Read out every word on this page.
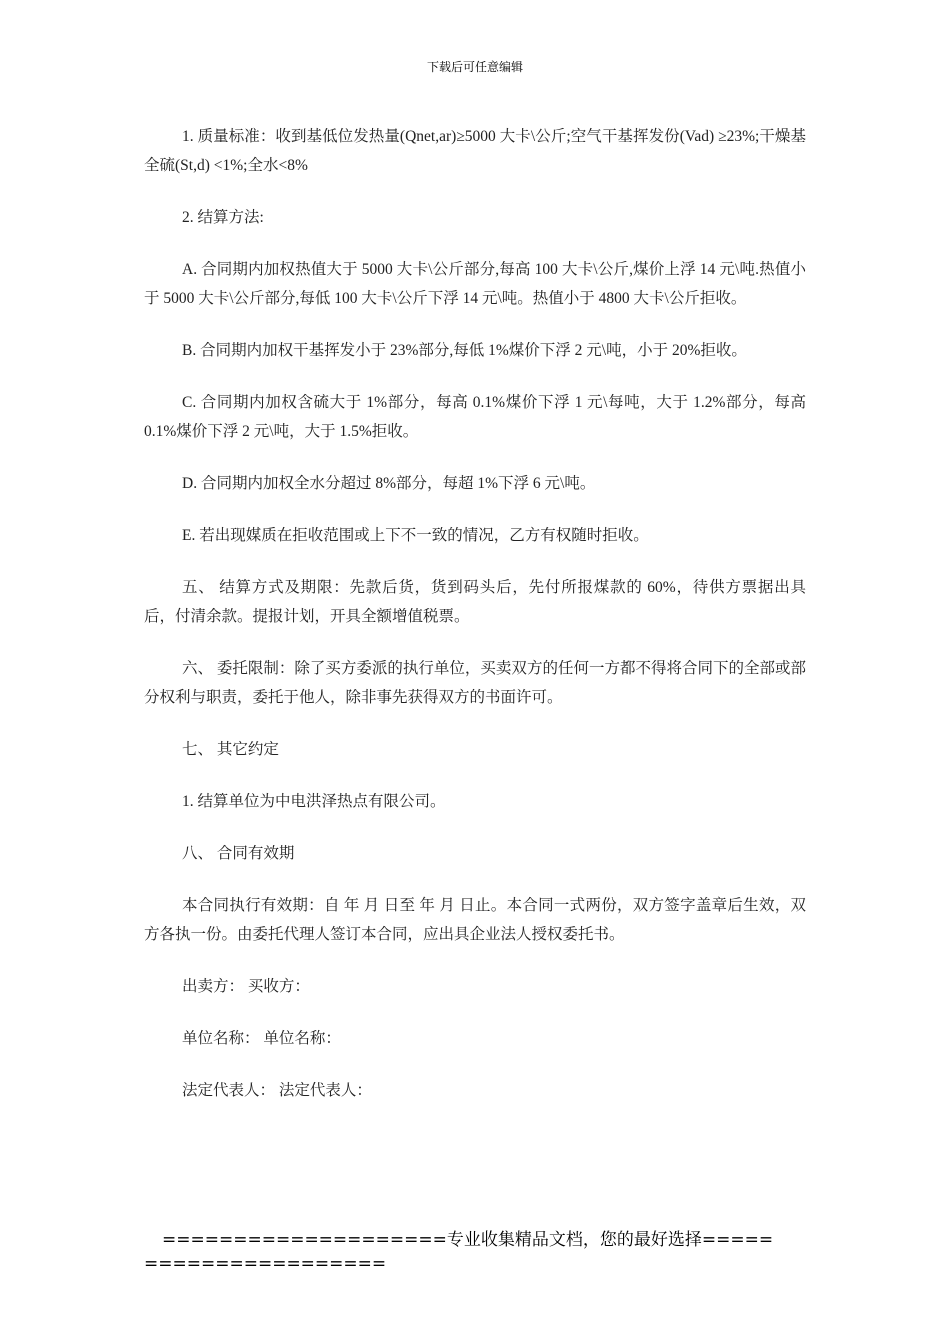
下载后可任意编辑

1. 质量标准：收到基低位发热量(Qnet,ar)≥5000 大卡\公斤;空气干基挥发份(Vad) ≥23%;干燥基全硫(St,d) <1%;全水<8%

2. 结算方法:

A. 合同期内加权热值大于 5000 大卡\公斤部分,每高 100 大卡\公斤,煤价上浮 14 元\吨.热值小于 5000 大卡\公斤部分,每低 100 大卡\公斤下浮 14 元\吨。热值小于 4800 大卡\公斤拒收。

B. 合同期内加权干基挥发小于 23%部分,每低 1%煤价下浮 2 元\吨，小于 20%拒收。

C. 合同期内加权含硫大于 1%部分，每高 0.1%煤价下浮 1 元\每吨，大于 1.2%部分，每高 0.1%煤价下浮 2 元\吨，大于 1.5%拒收。

D. 合同期内加权全水分超过 8%部分，每超 1%下浮 6 元\吨。

E. 若出现媒质在拒收范围或上下不一致的情况，乙方有权随时拒收。

五、 结算方式及期限：先款后货，货到码头后，先付所报煤款的 60%，待供方票据出具后，付清余款。提报计划，开具全额增值税票。

六、 委托限制：除了买方委派的执行单位，买卖双方的任何一方都不得将合同下的全部或部分权利与职责，委托于他人，除非事先获得双方的书面许可。

七、 其它约定

1. 结算单位为中电洪泽热点有限公司。

八、 合同有效期

本合同执行有效期：自 年 月 日至 年 月 日止。本合同一式两份，双方签字盖章后生效，双方各执一份。由委托代理人签订本合同，应出具企业法人授权委托书。

出卖方： 买收方：

单位名称： 单位名称：

法定代表人： 法定代表人：

====================专业收集精品文档，您的最好选择=====
=================
